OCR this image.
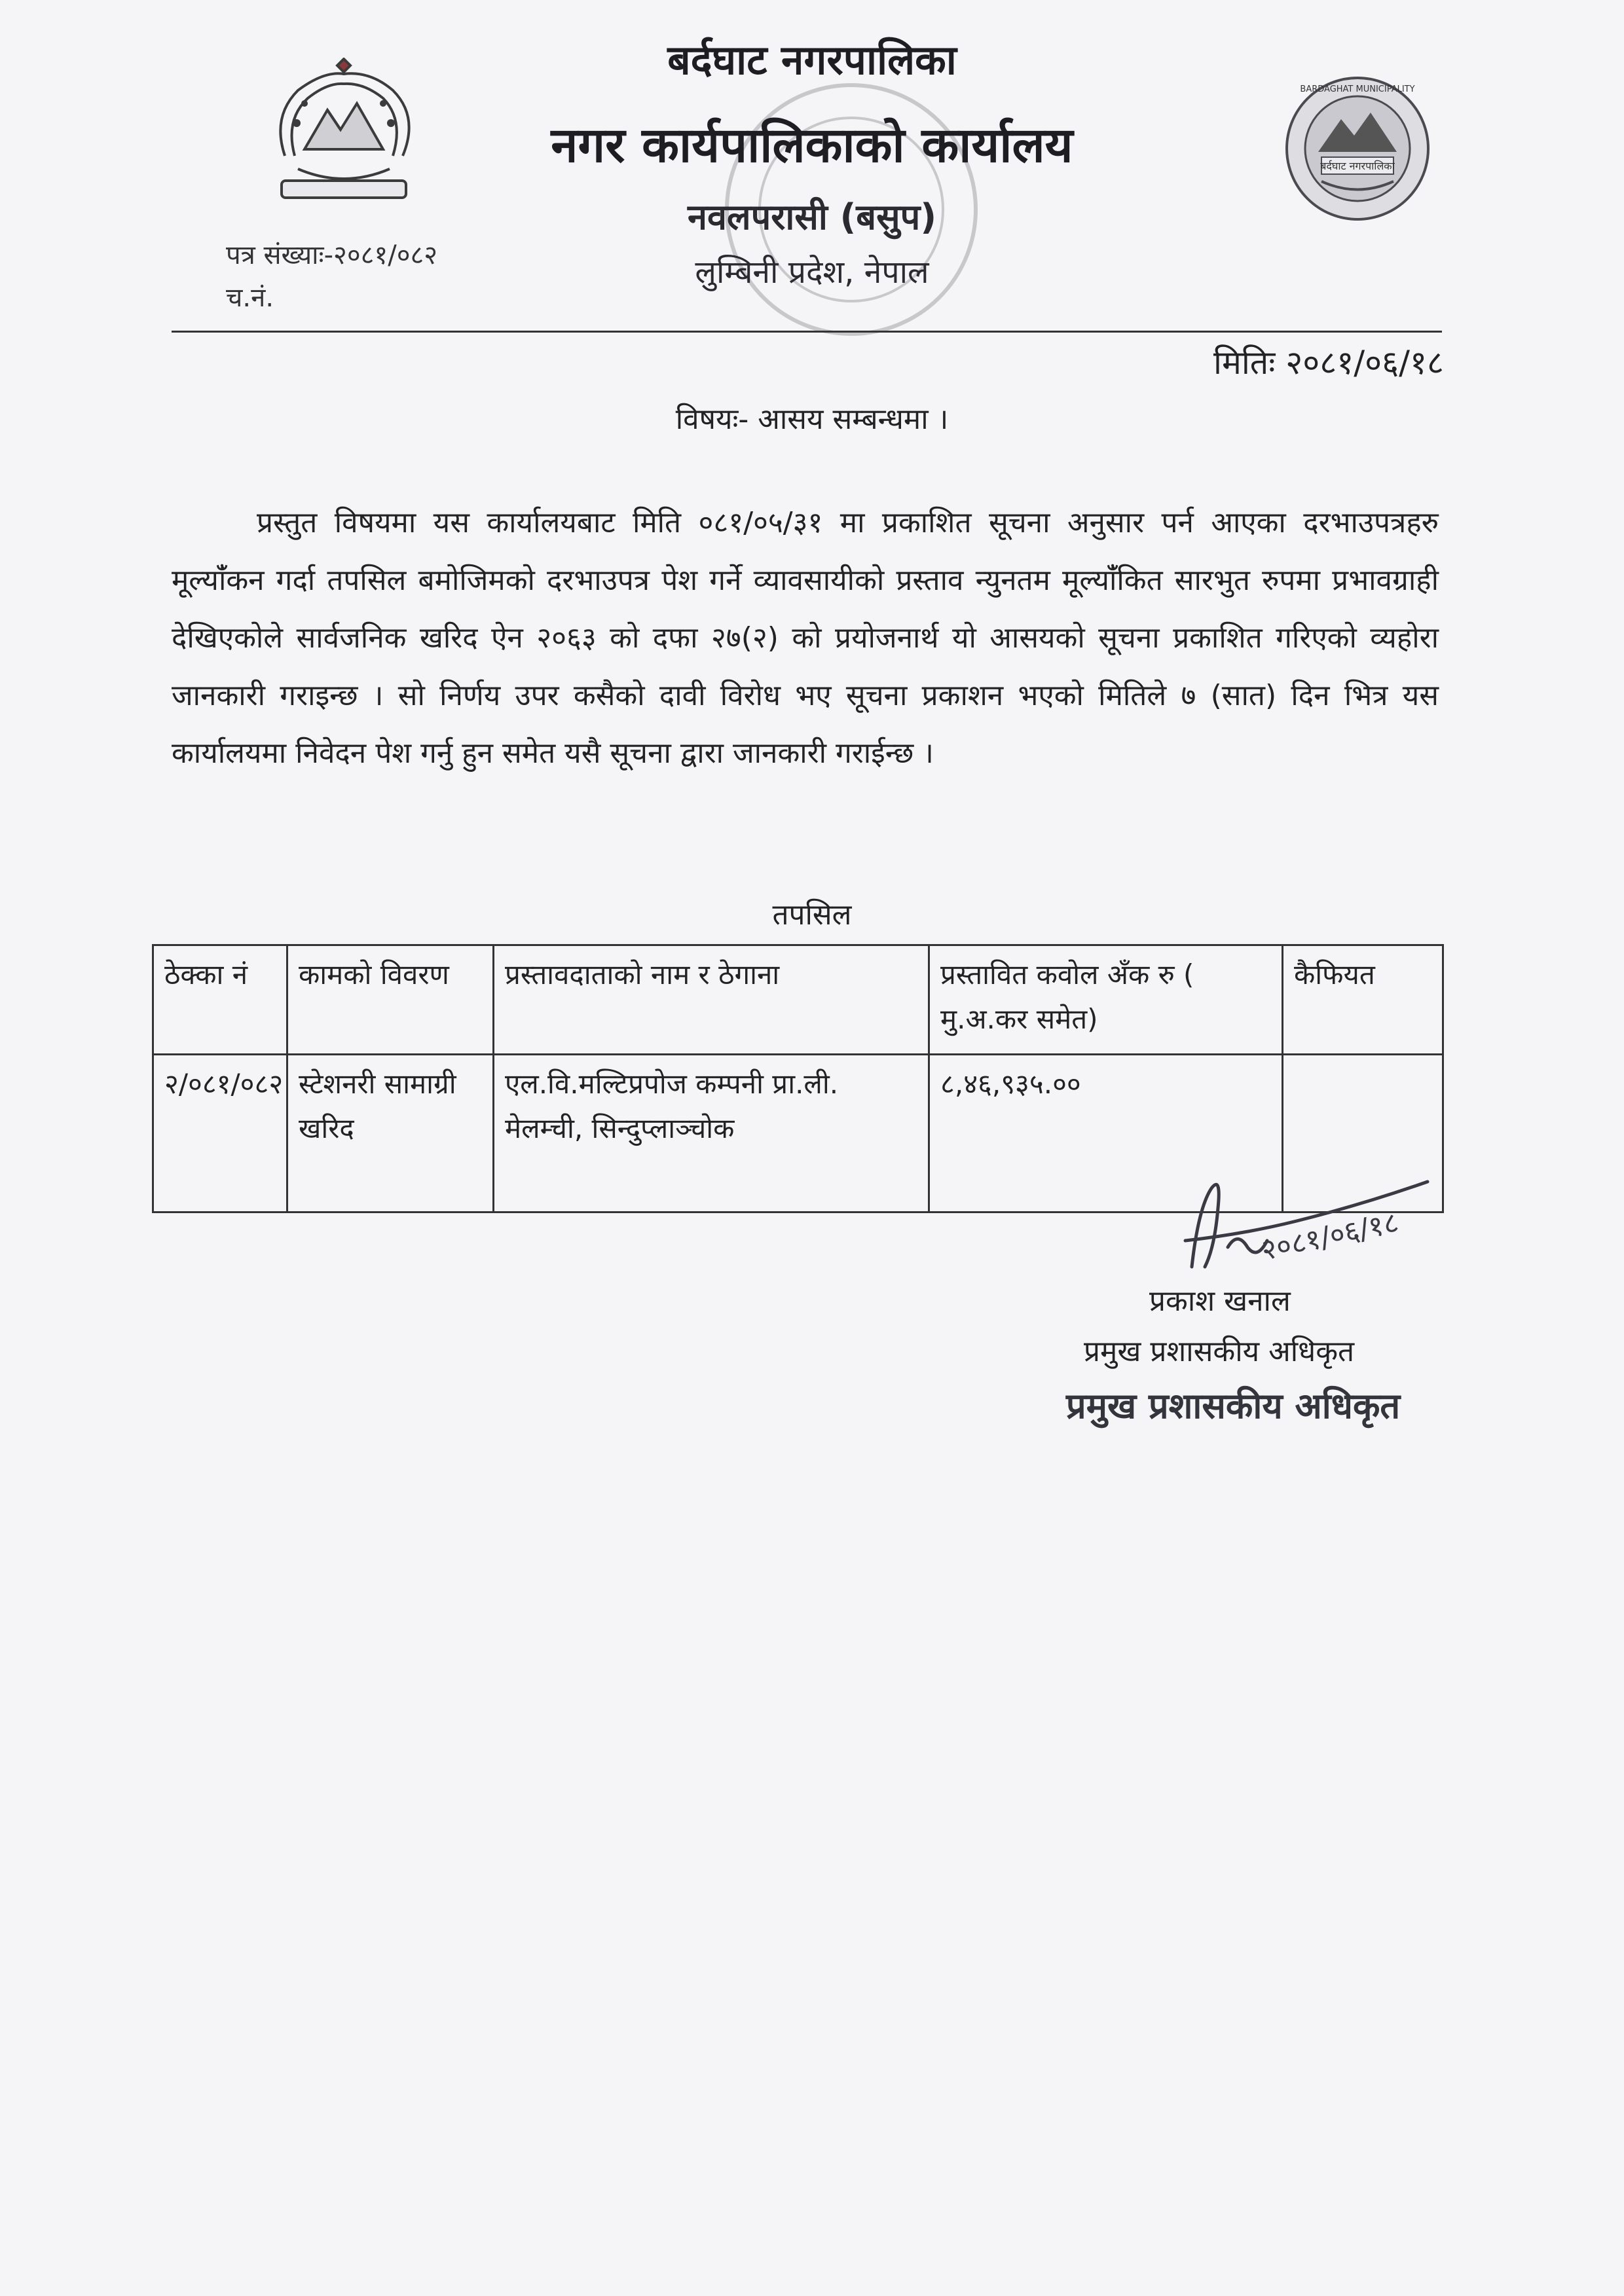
बर्दघाट नगरपालिका
BARDAGHAT MUNICIPALITY
बर्दघाट नगरपालिका
नगर कार्यपालिकाको कार्यालय
नवलपरासी (बसुप)
लुम्बिनी प्रदेश, नेपाल
पत्र संख्याः-२०८१/०८२
च.नं.
मितिः २०८१/०६/१८
विषयः- आसय सम्बन्धमा ।

प्रस्तुत विषयमा यस कार्यालयबाट मिति ०८१/०५/३१ मा प्रकाशित सूचना अनुसार पर्न आएका दरभाउपत्रहरु मूल्यांँकन गर्दा तपसिल बमोजिमको दरभाउपत्र पेश गर्ने व्यावसायीको प्रस्ताव न्युनतम मूल्यांँकित सारभुत रुपमा प्रभावग्राही देखिएकोले सार्वजनिक खरिद ऐन २०६३ को दफा २७(२) को प्रयोजनार्थ यो आसयको सूचना प्रकाशित गरिएको व्यहोरा जानकारी गराइन्छ । सो निर्णय उपर कसैको दावी विरोध भए सूचना प्रकाशन भएको मितिले ७ (सात) दिन भित्र यस कार्यालयमा निवेदन पेश गर्नु हुन समेत यसै सूचना द्वारा जानकारी गराईन्छ ।

तपसिल
ठेक्का नं	कामको विवरण	प्रस्तावदाताको नाम र ठेगाना	प्रस्तावित कवोल अँक रु ( मु.अ.कर समेत)	कैफियत
२/०८१/०८२	स्टेशनरी सामाग्री खरिद	एल.वि.मल्टिप्रपोज कम्पनी प्रा.ली. मेलम्ची, सिन्दुप्लाञ्चोक	८,४६,९३५.००	
२०८१/०६/१८
प्रकाश खनाल
प्रमुख प्रशासकीय अधिकृत
प्रमुख प्रशासकीय अधिकृत
